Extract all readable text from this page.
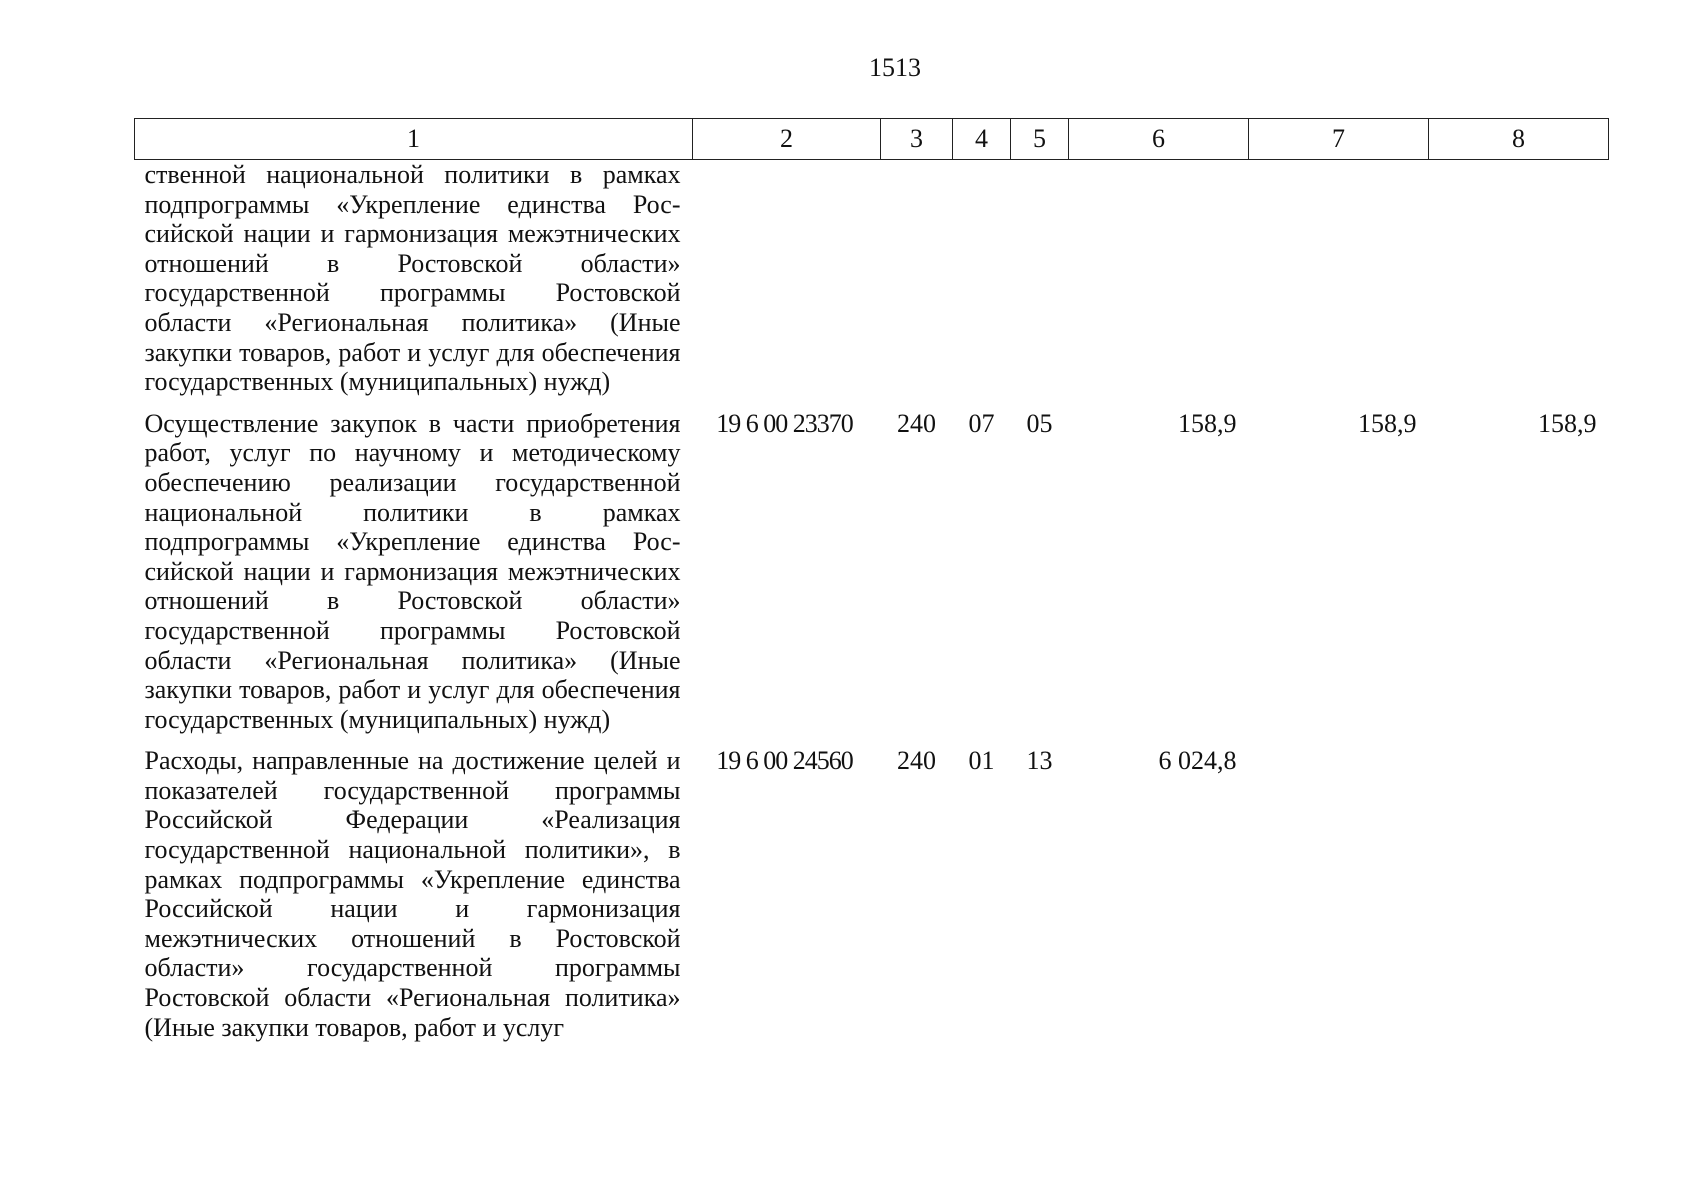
1513
1	2	3	4	5	6	7	8
ственной национальной политики в рамках подпрограммы «Укрепление единства Российской нации и гармонизация межэтнических отношений в Ростовской области» государственной программы Ростовской области «Региональная политика» (Иные закупки товаров, работ и услуг для обеспечения государственных (муниципальных) нужд)							
Осуществление закупок в части приобретения работ, услуг по научному и методическому обеспечению реализации государственной национальной политики в рамках подпрограммы «Укрепление единства Российской нации и гармонизация межэтнических отношений в Ростовской области» государственной программы Ростовской области «Региональная политика» (Иные закупки товаров, работ и услуг для обеспечения государственных (муниципальных) нужд)	19 6 00 23370	240	07	05	158,9	158,9	158,9
Расходы, направленные на достижение целей и показателей государственной программы Российской Федерации «Реализация государственной национальной политики», в рамках подпрограммы «Укрепление единства Российской нации и гармонизация межэтнических отношений в Ростовской области» государственной программы Ростовской области «Региональная политика» (Иные закупки товаров, работ и услуг	19 6 00 24560	240	01	13	6 024,8		
